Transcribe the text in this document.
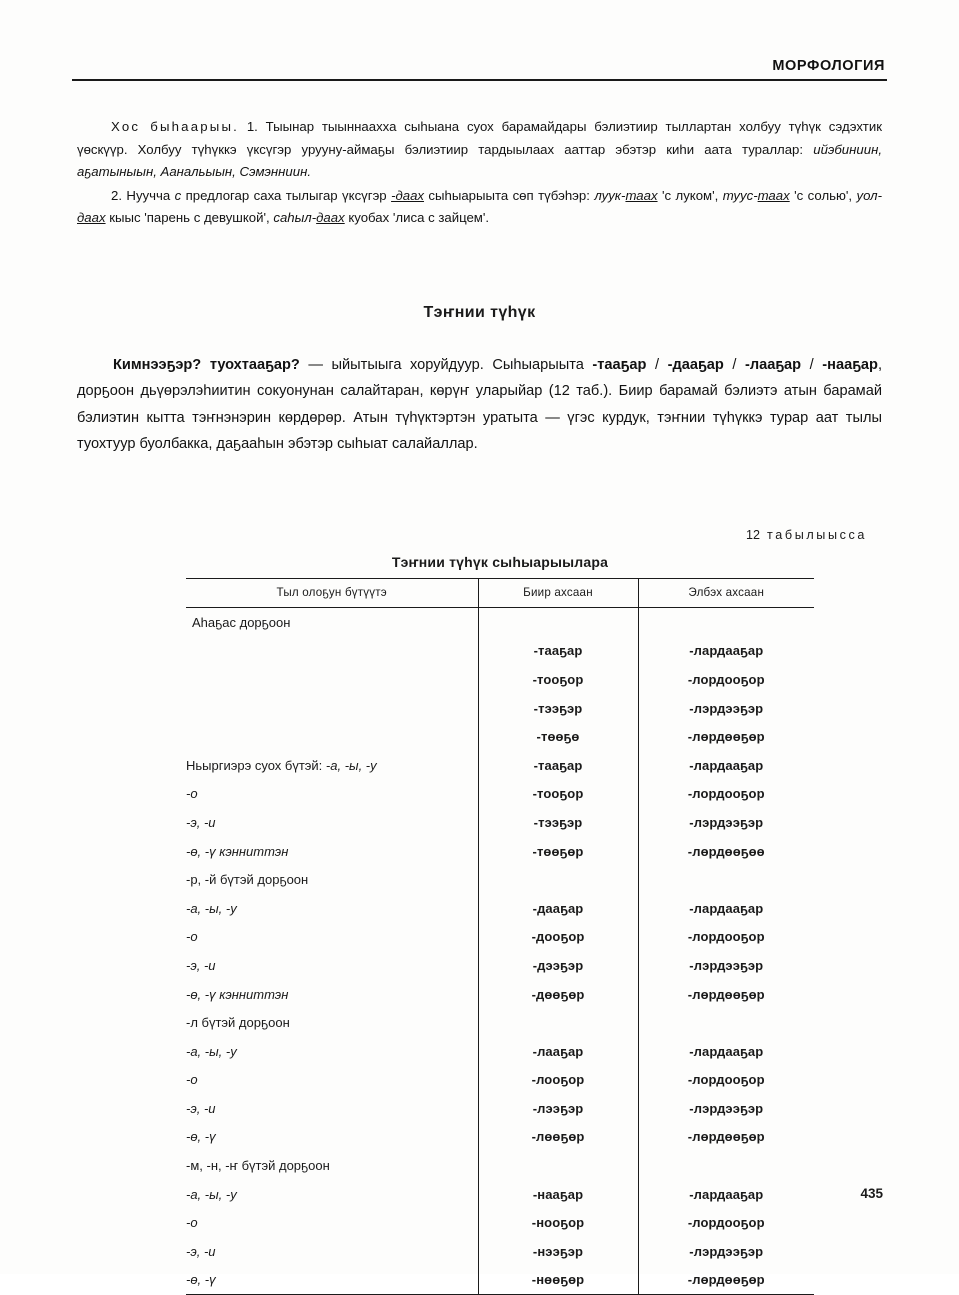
МОРФОЛОГИЯ

Хос быһаарыы. 1. Тыынар тыыннаахха сыһыана суох барамайдары бэлиэтиир тыллартан холбуу түһүк сэдэхтик үөскүүр. Холбуу түһүккэ үксүгэр урууну-аймаҕы бэлиэтиир тардыылаах ааттар эбэтэр киһи аата тураллар: ийэбиниин, аҕатыныын, Аанальыын, Сэмэнниин.

2. Нуучча с предлогар саха тылыгар үксүгэр -даах сыһыарыыта сөп түбэһэр: луук-таах 'с луком', туус-таах 'с солью', уол-даах кыыс 'парень с девушкой', саһыл-даах куобах 'лиса с зайцем'.

Тэҥнии түһүк

Кимнээҕэр? туохтааҕар? — ыйытыыга хоруйдуур. Сыһыарыыта -тааҕар / -дааҕар / -лааҕар / -нааҕар, дорҕоон дьүөрэлэһиитин сокуонунан салайтаран, көрүҥ уларыйар (12 таб.). Биир барамай бэлиэтэ атын барамай бэлиэтин кытта тэҥнэнэрин көрдөрөр. Атын түһүктэртэн уратыта — үгэс курдук, тэҥнии түһүккэ турар аат тылы туохтуур буолбакка, даҕааһын эбэтэр сыһыат салайаллар.

12 табылыысса
Тэҥнии түһүк сыһыарыылара
Тыл олоҕун бүтүүтэ	Биир ахсаан	Элбэх ахсаан
Аһаҕас дорҕоон		
	-тааҕар	-лардааҕар
	-тооҕор	-лордооҕор
	-тээҕэр	-лэрдээҕэр
	-төөҕө	-лөрдөөҕөр
Ньыргиэрэ суох бүтэй: -а, -ы, -у	-тааҕар	-лардааҕар
-о	-тооҕор	-лордооҕор
-э, -и	-тээҕэр	-лэрдээҕэр
-ө, -ү кэнниттэн	-төөҕөр	-лөрдөөҕөө
-р, -й бүтэй дорҕоон		
-а, -ы, -у	-дааҕар	-лардааҕар
-о	-дооҕор	-лордооҕор
-э, -и	-дээҕэр	-лэрдээҕэр
-ө, -ү кэнниттэн	-дөөҕөр	-лөрдөөҕөр
-л бүтэй дорҕоон		
-а, -ы, -у	-лааҕар	-лардааҕар
-о	-лооҕор	-лордооҕор
-э, -и	-лээҕэр	-лэрдээҕэр
-ө, -ү	-лөөҕөр	-лөрдөөҕөр
-м, -н, -ҥ бүтэй дорҕоон		
-а, -ы, -у	-нааҕар	-лардааҕар
-о	-нооҕор	-лордооҕор
-э, -и	-нээҕэр	-лэрдээҕэр
-ө, -ү	-нөөҕөр	-лөрдөөҕөр
435
